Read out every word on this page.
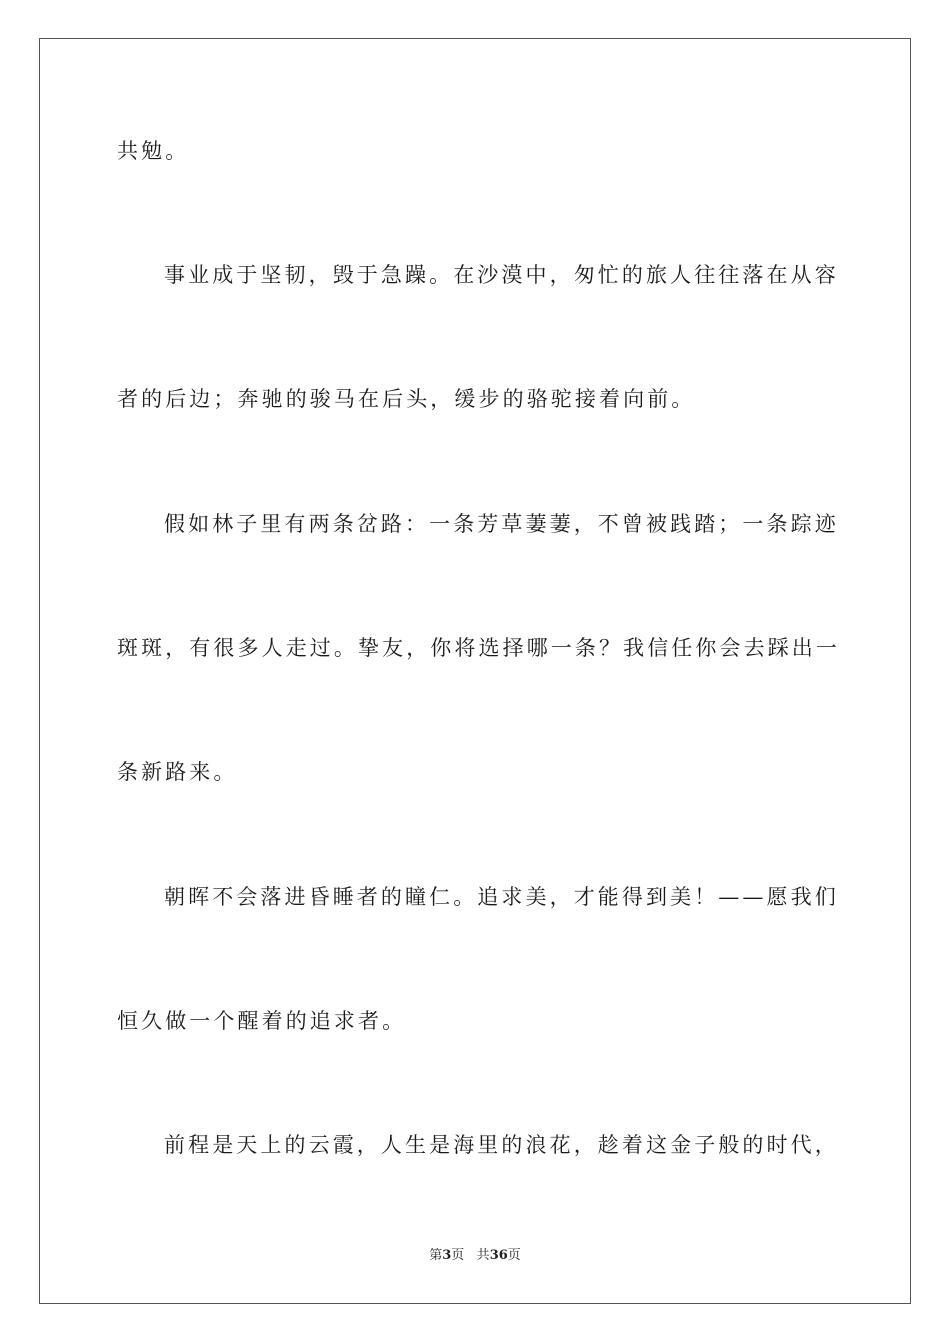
共勉。
事业成于坚韧，毁于急躁。在沙漠中，匆忙的旅人往往落在从容
者的后边；奔驰的骏马在后头，缓步的骆驼接着向前。
假如林子里有两条岔路：一条芳草萋萋，不曾被践踏；一条踪迹
斑斑，有很多人走过。挚友，你将选择哪一条？我信任你会去踩出一
条新路来。
朝晖不会落进昏睡者的瞳仁。追求美，才能得到美！——愿我们
恒久做一个醒着的追求者。
前程是天上的云霞，人生是海里的浪花，趁着这金子般的时代，
第3页 共36页
